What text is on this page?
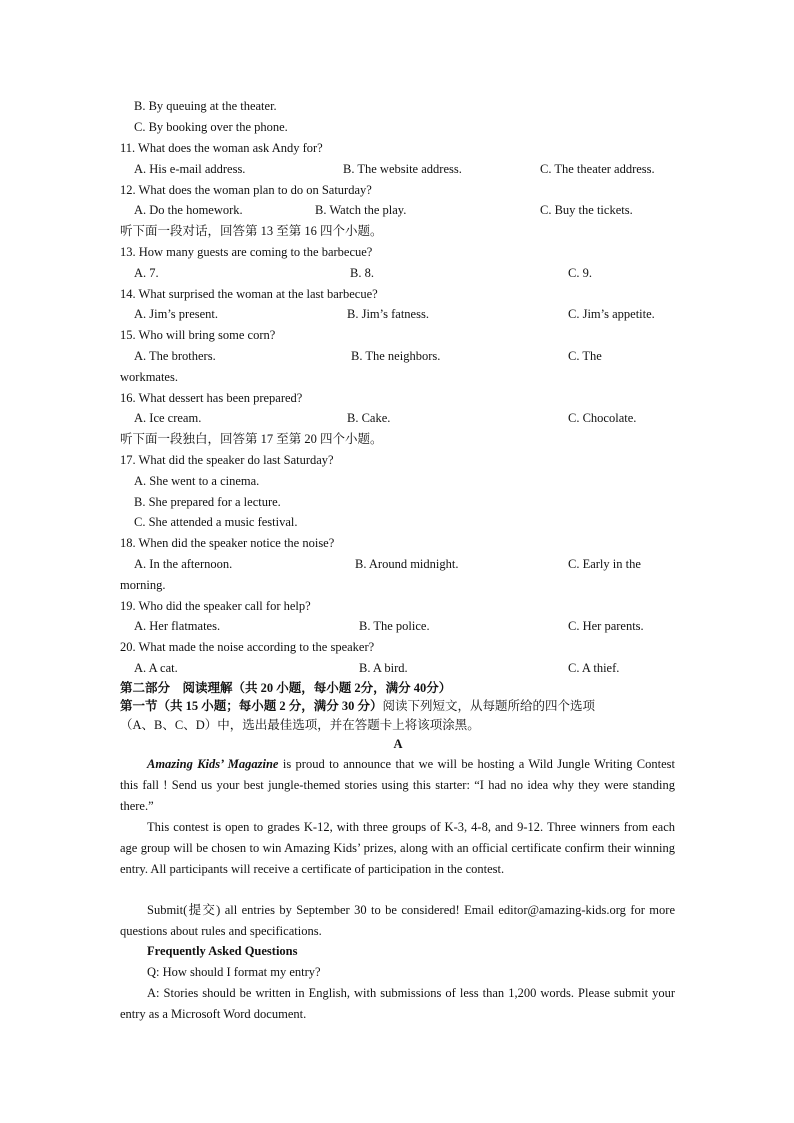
B. By queuing at the theater.
C. By booking over the phone.
11. What does the woman ask Andy for?
A. His e-mail address.	B. The website address.	C. The theater address.
12. What does the woman plan to do on Saturday?
A. Do the homework.	B. Watch the play.	C. Buy the tickets.
听下面一段对话，回答第 13 至第 16 四个小题。
13. How many guests are coming to the barbecue?
A. 7.	B. 8.	C. 9.
14. What surprised the woman at the last barbecue?
A. Jim’s present.	B. Jim’s fatness.	C. Jim’s appetite.
15. Who will bring some corn?
A. The brothers.	B. The neighbors.	C. The
workmates.
16. What dessert has been prepared?
A. Ice cream.	B. Cake.	C. Chocolate.
听下面一段独白，回答第 17 至第 20 四个小题。
17. What did the speaker do last Saturday?
A. She went to a cinema.
B. She prepared for a lecture.
C. She attended a music festival.
18. When did the speaker notice the noise?
A. In the afternoon.	B. Around midnight.	C. Early in the
morning.
19. Who did the speaker call for help?
A. Her flatmates.	B. The police.	C. Her parents.
20. What made the noise according to the speaker?
A. A cat.	B. A bird.	C. A thief.
第二部分　阅读理解（共 20 小题，每小题 2分，满分 40分）
第一节（共 15 小题；每小题 2 分，满分 30 分）阅读下列短文，从每题所给的四个选项
（A、B、C、D）中，选出最佳选项，并在答题卡上将该项涂黑。
A
Amazing Kids’ Magazine is proud to announce that we will be hosting a Wild Jungle Writing Contest this fall ! Send us your best jungle-themed stories using this starter: “I had no idea why they were standing there.”
This contest is open to grades K-12, with three groups of K-3, 4-8, and 9-12. Three winners from each age group will be chosen to win Amazing Kids’ prizes, along with an official certificate confirm their winning entry. All participants will receive a certificate of participation in the contest.
Submit(提交) all entries by September 30 to be considered! Email editor@amazing-kids.org for more questions about rules and specifications.
Frequently Asked Questions
Q: How should I format my entry?
A: Stories should be written in English, with submissions of less than 1,200 words. Please submit your entry as a Microsoft Word document.
